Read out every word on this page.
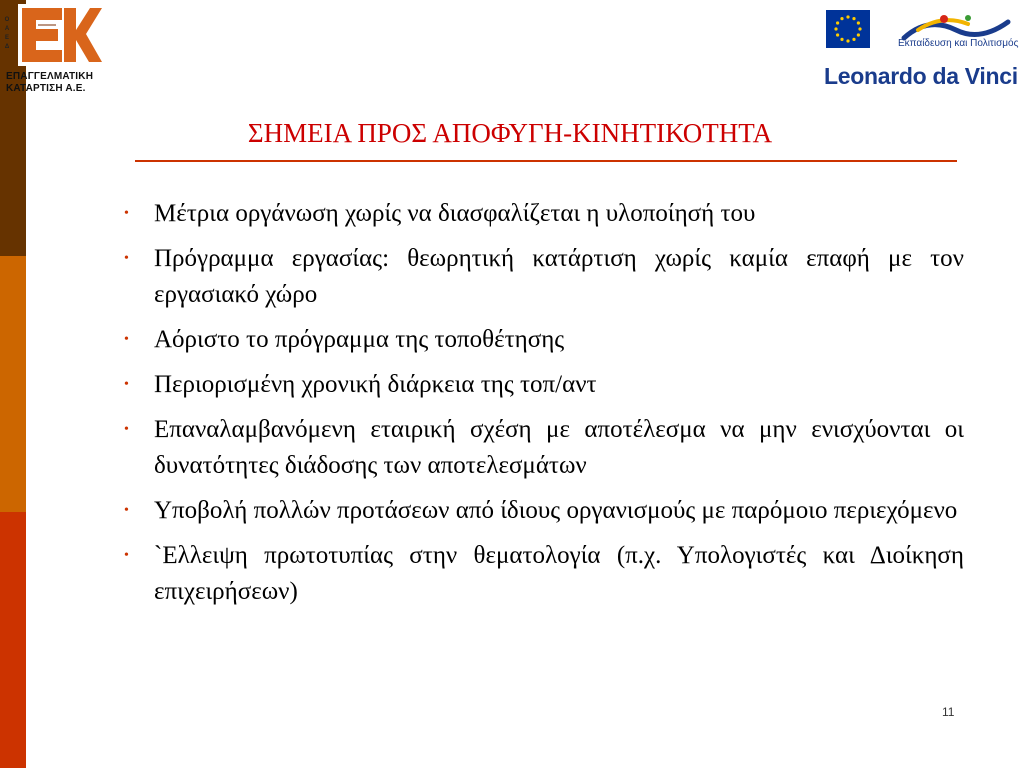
Ο
Α
Ε
Δ
ΕΠΑΓΓΕΛΜΑΤΙΚΗ
ΚΑΤΑΡΤΙΣΗ Α.Ε.
Εκπαίδευση και Πολιτισμός
Leonardo da Vinci
ΣΗΜΕΙΑ ΠΡΟΣ ΑΠΟΦΥΓΗ-ΚΙΝΗΤΙΚΟΤΗΤΑ
•	Μέτρια οργάνωση χωρίς να διασφαλίζεται η υλοποίησή του
•	Πρόγραμμα εργασίας: θεωρητική κατάρτιση χωρίς καμία επαφή με τον εργασιακό χώρο
•	Αόριστο το πρόγραμμα της τοποθέτησης
•	Περιορισμένη χρονική διάρκεια της τοπ/αντ
•	Επαναλαμβανόμενη εταιρική σχέση με αποτέλεσμα να μην ενισχύονται οι δυνατότητες διάδοσης των αποτελεσμάτων
•	Υποβολή πολλών προτάσεων από ίδιους οργανισμούς με παρόμοιο περιεχόμενο
•	`Ελλειψη πρωτοτυπίας στην θεματολογία (π.χ. Υπολογιστές και Διοίκηση επιχειρήσεων)
11
